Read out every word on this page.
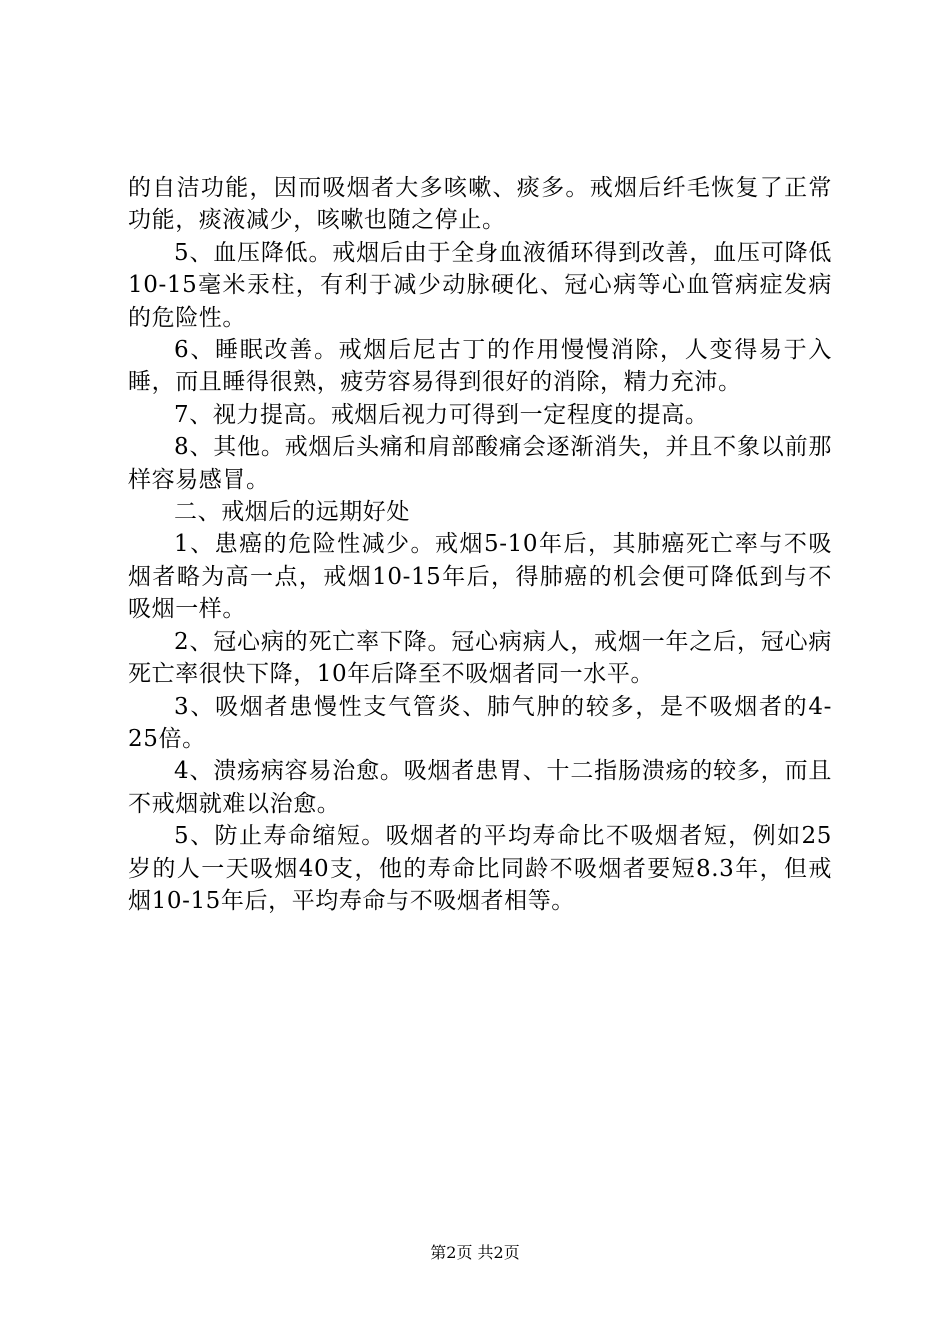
的自洁功能，因而吸烟者大多咳嗽、痰多。戒烟后纤毛恢复了正常功能，痰液减少，咳嗽也随之停止。

5、血压降低。戒烟后由于全身血液循环得到改善，血压可降低10-15毫米汞柱，有利于减少动脉硬化、冠心病等心血管病症发病的危险性。

6、睡眠改善。戒烟后尼古丁的作用慢慢消除，人变得易于入睡，而且睡得很熟，疲劳容易得到很好的消除，精力充沛。

7、视力提高。戒烟后视力可得到一定程度的提高。

8、其他。戒烟后头痛和肩部酸痛会逐渐消失，并且不象以前那样容易感冒。

二、戒烟后的远期好处

1、患癌的危险性减少。戒烟5-10年后，其肺癌死亡率与不吸烟者略为高一点，戒烟10-15年后，得肺癌的机会便可降低到与不吸烟一样。

2、冠心病的死亡率下降。冠心病病人，戒烟一年之后，冠心病死亡率很快下降，10年后降至不吸烟者同一水平。

3、吸烟者患慢性支气管炎、肺气肿的较多，是不吸烟者的4-25倍。

4、溃疡病容易治愈。吸烟者患胃、十二指肠溃疡的较多，而且不戒烟就难以治愈。

5、防止寿命缩短。吸烟者的平均寿命比不吸烟者短，例如25岁的人一天吸烟40支，他的寿命比同龄不吸烟者要短8.3年，但戒烟10-15年后，平均寿命与不吸烟者相等。

第2页 共2页
